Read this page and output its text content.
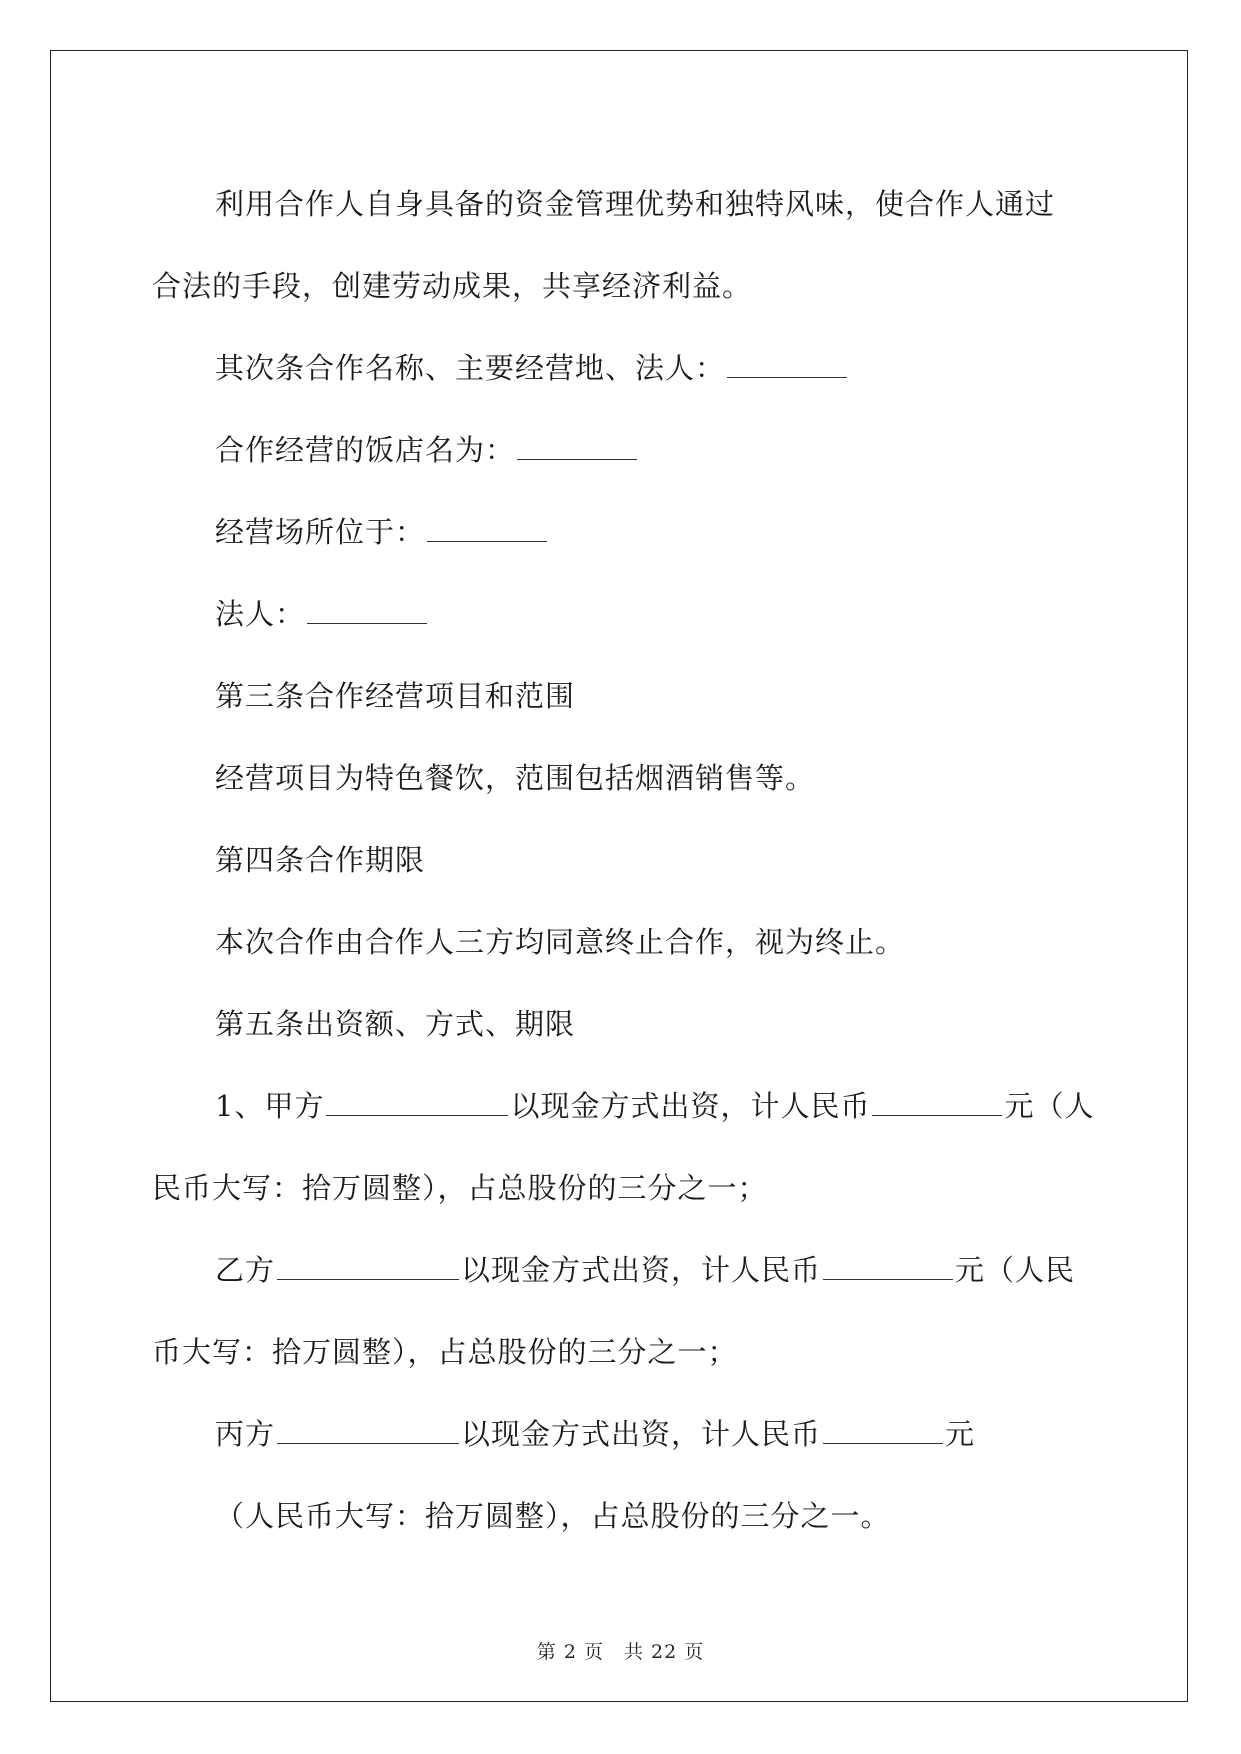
利用合作人自身具备的资金管理优势和独特风味，使合作人通过
合法的手段，创建劳动成果，共享经济利益。
其次条合作名称、主要经营地、法人：
合作经营的饭店名为：
经营场所位于：
法人：
第三条合作经营项目和范围
经营项目为特色餐饮，范围包括烟酒销售等。
第四条合作期限
本次合作由合作人三方均同意终止合作，视为终止。
第五条出资额、方式、期限
1、甲方	以现金方式出资，计人民币	元（人
民币大写：拾万圆整），占总股份的三分之一；
乙方	以现金方式出资，计人民币	元（人民
币大写：拾万圆整），占总股份的三分之一；
丙方	以现金方式出资，计人民币	元
（人民币大写：拾万圆整），占总股份的三分之一。
第 2 页　共 22 页
